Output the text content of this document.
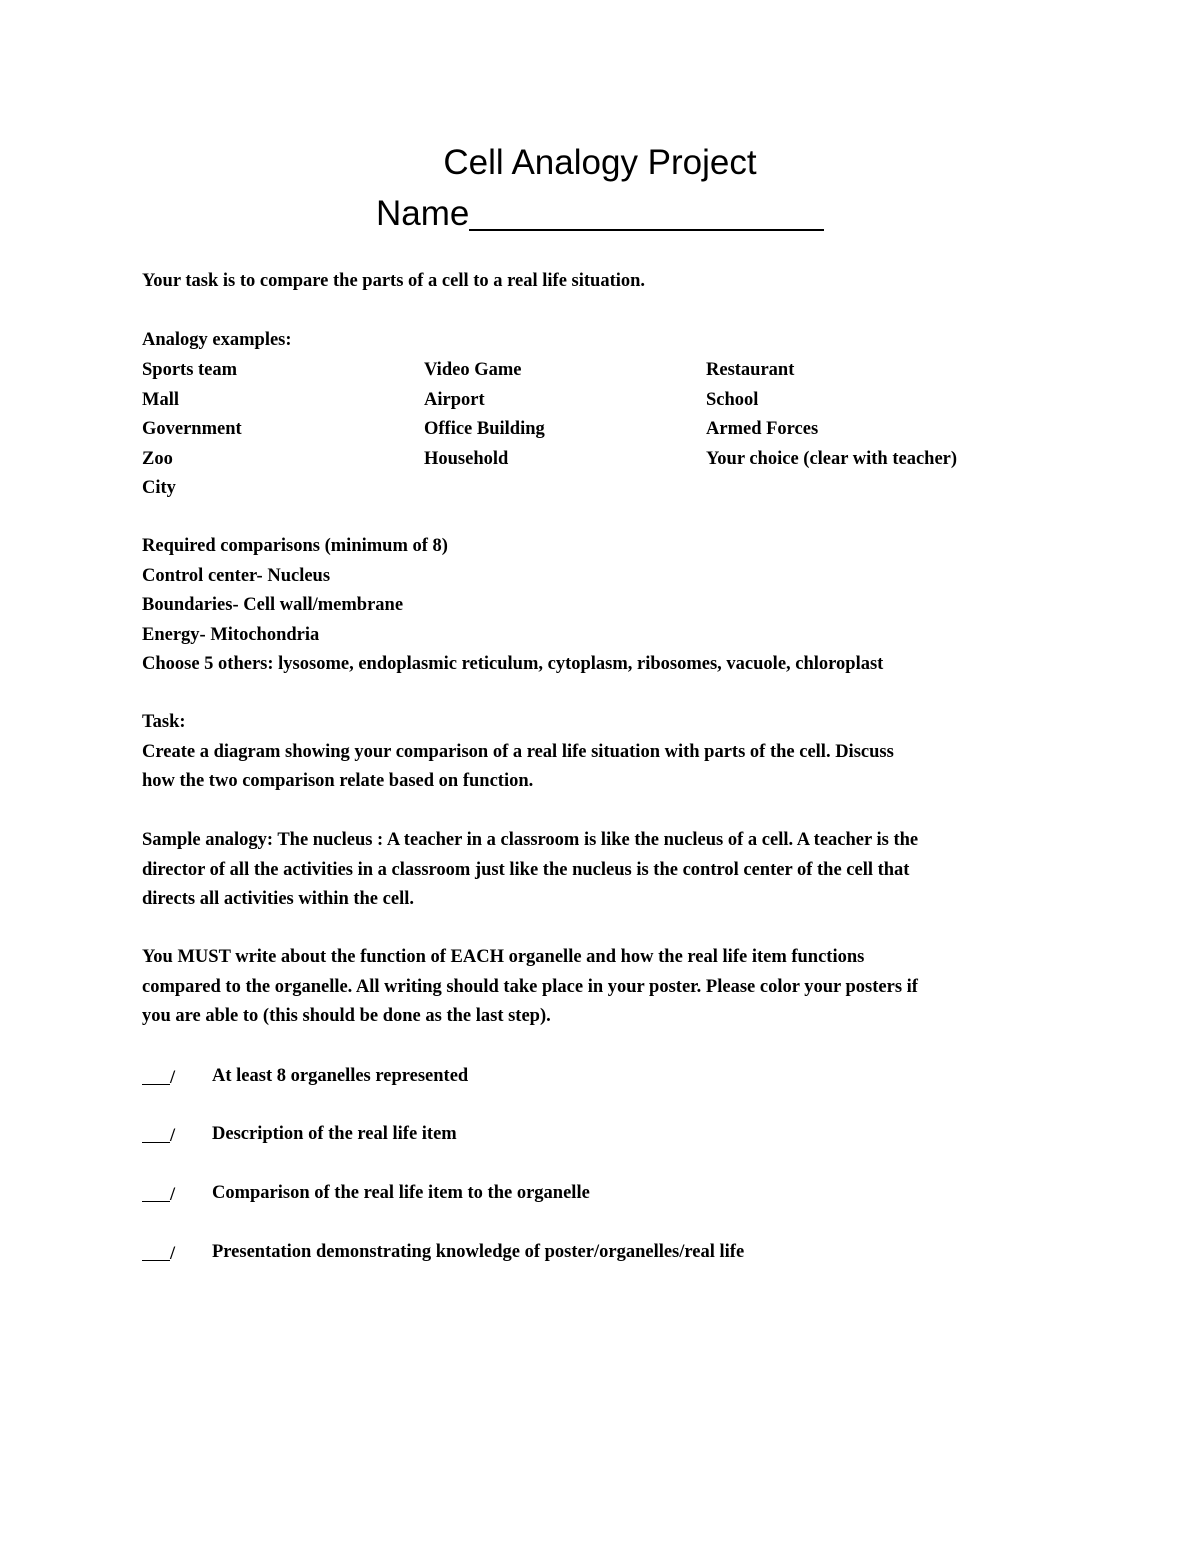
Cell Analogy Project
Name
Your task is to compare the parts of a cell to a real life situation.
Analogy examples:
Sports team
Mall
Government
Zoo
City
Video Game
Airport
Office Building
Household
Restaurant
School
Armed Forces
Your choice (clear with teacher)
Required comparisons (minimum of 8)
Control center- Nucleus
Boundaries- Cell wall/membrane
Energy- Mitochondria
Choose 5 others: lysosome, endoplasmic reticulum, cytoplasm, ribosomes, vacuole, chloroplast
Task:
Create a diagram showing your comparison of a real life situation with parts of the cell. Discuss
how the two comparison relate based on function.
Sample analogy: The nucleus : A teacher in a classroom is like the nucleus of a cell. A teacher is the
director of all the activities in a classroom just like the nucleus is the control center of the cell that
directs all activities within the cell.
You MUST write about the function of EACH organelle and how the real life item functions
compared to the organelle. All writing should take place in your poster. Please color your posters if
you are able to (this should be done as the last step).
/ At least 8 organelles represented
/ Description of the real life item
/ Comparison of the real life item to the organelle
/ Presentation demonstrating knowledge of poster/organelles/real life
